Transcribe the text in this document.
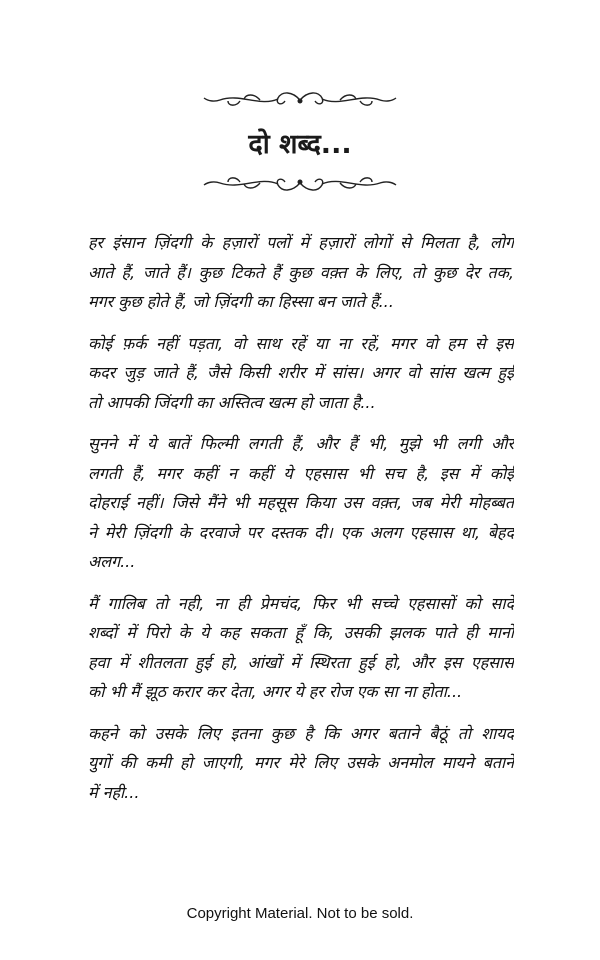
दो शब्द...
हर इंसान ज़िंदगी के हज़ारों पलों में हज़ारों लोगों से मिलता है, लोग
आते हैं, जाते हैं। कुछ टिकते हैं कुछ वक़्त के लिए, तो कुछ देर तक,
मगर कुछ होते हैं, जो ज़िंदगी का हिस्सा बन जाते हैं...
कोई फ़र्क नहीं पड़ता, वो साथ रहें या ना रहें, मगर वो हम से इस
कदर जुड़ जाते हैं, जैसे किसी शरीर में सांस। अगर वो सांस खत्म हुई
तो आपकी जिंदगी का अस्तित्व खत्म हो जाता है...
सुनने में ये बातें फिल्मी लगती हैं, और हैं भी, मुझे भी लगी और
लगती हैं, मगर कहीं न कहीं ये एहसास भी सच है, इस में कोई
दोहराई नहीं। जिसे मैंने भी महसूस किया उस वक़्त, जब मेरी मोहब्बत
ने मेरी ज़िंदगी के दरवाजे पर दस्तक दी। एक अलग एहसास था, बेहद
अलग...
मैं गालिब तो नही, ना ही प्रेमचंद, फिर भी सच्चे एहसासों को सादे
शब्दों में पिरो के ये कह सकता हूँ कि, उसकी झलक पाते ही मानो
हवा में शीतलता हुई हो, आंखों में स्थिरता हुई हो, और इस एहसास
को भी मैं झूठ करार कर देता, अगर ये हर रोज एक सा ना होता...
कहने को उसके लिए इतना कुछ है कि अगर बताने बैठूं तो शायद
युगों की कमी हो जाएगी, मगर मेरे लिए उसके अनमोल मायने बताने
में नही...
Copyright Material. Not to be sold.
